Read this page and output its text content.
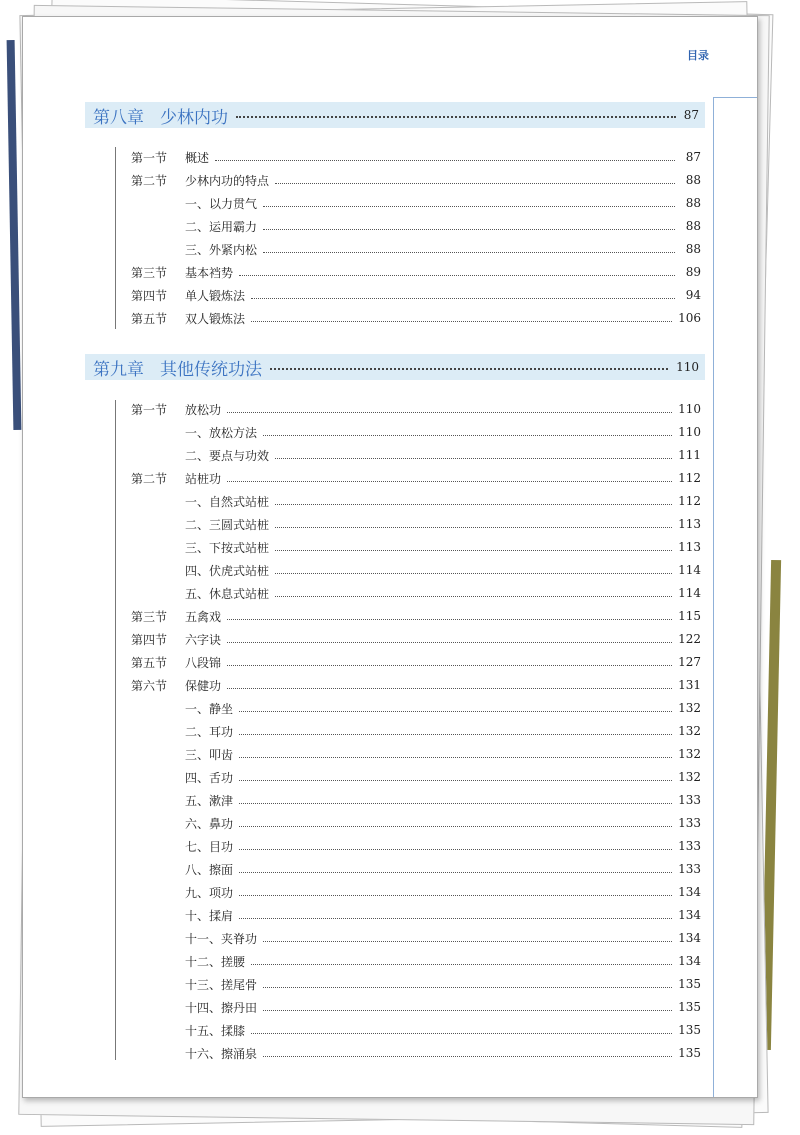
目录
第八章 少林内功	87
第一节	概述	87
第二节	少林内功的特点	88
一、以力贯气	88
二、运用霸力	88
三、外紧内松	88
第三节	基本裆势	89
第四节	单人锻炼法	94
第五节	双人锻炼法	106
第九章 其他传统功法	110
第一节	放松功	110
一、放松方法	110
二、要点与功效	111
第二节	站桩功	112
一、自然式站桩	112
二、三圆式站桩	113
三、下按式站桩	113
四、伏虎式站桩	114
五、休息式站桩	114
第三节	五禽戏	115
第四节	六字诀	122
第五节	八段锦	127
第六节	保健功	131
一、静坐	132
二、耳功	132
三、叩齿	132
四、舌功	132
五、漱津	133
六、鼻功	133
七、目功	133
八、擦面	133
九、项功	134
十、揉肩	134
十一、夹脊功	134
十二、搓腰	134
十三、搓尾骨	135
十四、擦丹田	135
十五、揉膝	135
十六、擦涌泉	135
